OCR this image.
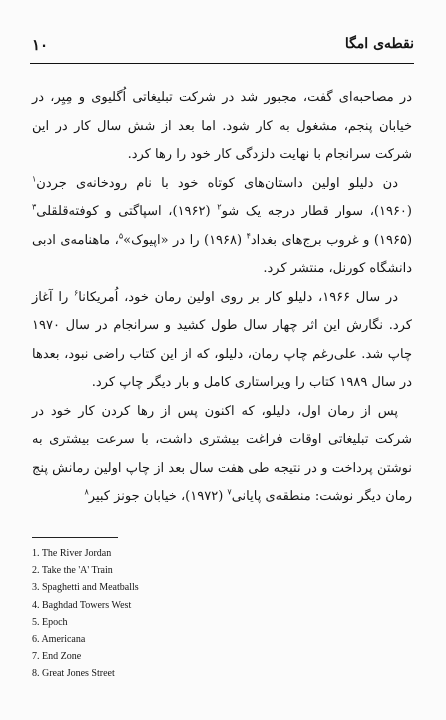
۱۰	نقطه‌ی امگا

در مصاحبه‌ای گفت، مجبور شد در شرکت تبلیغاتی اُگلیوی و مِیِر، در خیابان پنجم، مشغول به کار شود. اما بعد از شش سال کار در این شرکت سرانجام با نهایت دلزدگی کار خود را رها کرد.

دن دلیلو اولین داستان‌های کوتاه خود با نام رودخانه‌ی جردن$^۱$ (۱۹۶۰)، سوار قطار درجه یک شو$^۲$ (۱۹۶۲)، اسپاگتی و کوفته‌قلقلی$^۳$ (۱۹۶۵) و غروب برج‌های بغداد$^۴$ (۱۹۶۸) را در «اپیوک»$^۵$، ماهنامه‌ی ادبی دانشگاه کورنل، منتشر کرد.

در سال ۱۹۶۶، دلیلو کار بر روی اولین رمان خود، اُمریکانا$^۶$ را آغاز کرد. نگارش این اثر چهار سال طول کشید و سرانجام در سال ۱۹۷۰ چاپ شد. علی‌رغم چاپ رمان، دلیلو، که از این کتاب راضی نبود، بعدها در سال ۱۹۸۹ کتاب را ویراستاری کامل و بار دیگر چاپ کرد.

پس از رمان اول، دلیلو، که اکنون پس از رها کردن کار خود در شرکت تبلیغاتی اوقات فراغت بیشتری داشت، با سرعت بیشتری به نوشتن پرداخت و در نتیجه طی هفت سال بعد از چاپ اولین رمانش پنج رمان دیگر نوشت: منطقه‌ی پایانی$^۷$ (۱۹۷۲)، خیابان جونز کبیر$^۸$

1. The River Jordan
2. Take the 'A' Train
3. Spaghetti and Meatballs
4. Baghdad Towers West
5. Epoch
6. Americana
7. End Zone
8. Great Jones Street
